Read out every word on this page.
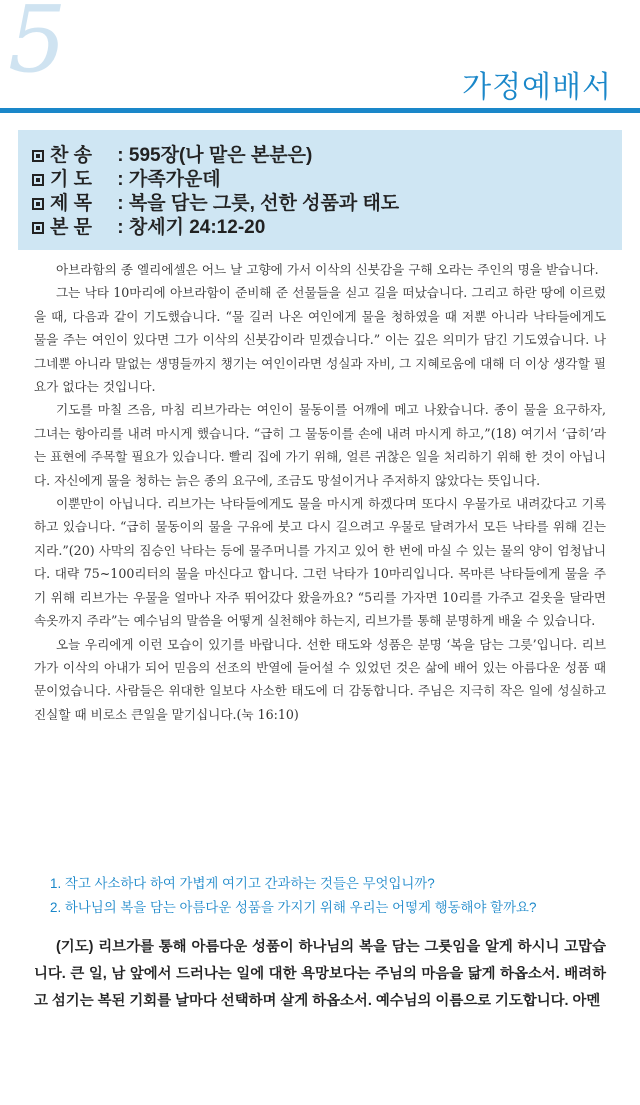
5	가정예배서
찬 송 : 595장(나 맡은 본분은)
기 도 : 가족가운데
제 목 : 복을 담는 그릇, 선한 성품과 태도
본 문 : 창세기 24:12-20

아브라함의 종 엘리에셀은 어느 날 고향에 가서 이삭의 신붓감을 구해 오라는 주인의 명을 받습니다.

그는 낙타 10마리에 아브라함이 준비해 준 선물들을 싣고 길을 떠났습니다. 그리고 하란 땅에 이르렀을 때, 다음과 같이 기도했습니다. “물 길러 나온 여인에게 물을 청하였을 때 저뿐 아니라 낙타들에게도 물을 주는 여인이 있다면 그가 이삭의 신붓감이라 믿겠습니다.” 이는 깊은 의미가 담긴 기도였습니다. 나그네뿐 아니라 말없는 생명들까지 챙기는 여인이라면 성실과 자비, 그 지혜로움에 대해 더 이상 생각할 필요가 없다는 것입니다.

기도를 마칠 즈음, 마침 리브가라는 여인이 물동이를 어깨에 메고 나왔습니다. 종이 물을 요구하자, 그녀는 항아리를 내려 마시게 했습니다. “급히 그 물동이를 손에 내려 마시게 하고,”(18) 여기서 ‘급히’라는 표현에 주목할 필요가 있습니다. 빨리 집에 가기 위해, 얼른 귀찮은 일을 처리하기 위해 한 것이 아닙니다. 자신에게 물을 청하는 늙은 종의 요구에, 조금도 망설이거나 주저하지 않았다는 뜻입니다.

이뿐만이 아닙니다. 리브가는 낙타들에게도 물을 마시게 하겠다며 또다시 우물가로 내려갔다고 기록하고 있습니다. “급히 물동이의 물을 구유에 붓고 다시 길으려고 우물로 달려가서 모든 낙타를 위해 긷는지라.”(20) 사막의 짐승인 낙타는 등에 물주머니를 가지고 있어 한 번에 마실 수 있는 물의 양이 엄청납니다. 대략 75~100리터의 물을 마신다고 합니다. 그런 낙타가 10마리입니다. 목마른 낙타들에게 물을 주기 위해 리브가는 우물을 얼마나 자주 뛰어갔다 왔을까요? “5리를 가자면 10리를 가주고 겉옷을 달라면 속옷까지 주라”는 예수님의 말씀을 어떻게 실천해야 하는지, 리브가를 통해 분명하게 배울 수 있습니다.

오늘 우리에게 이런 모습이 있기를 바랍니다. 선한 태도와 성품은 분명 ‘복을 담는 그릇’입니다. 리브가가 이삭의 아내가 되어 믿음의 선조의 반열에 들어설 수 있었던 것은 삶에 배어 있는 아름다운 성품 때문이었습니다. 사람들은 위대한 일보다 사소한 태도에 더 감동합니다. 주님은 지극히 작은 일에 성실하고 진실할 때 비로소 큰일을 맡기십니다.(눅 16:10)

1. 작고 사소하다 하여 가볍게 여기고 간과하는 것들은 무엇입니까?
2. 하나님의 복을 담는 아름다운 성품을 가지기 위해 우리는 어떻게 행동해야 할까요?

(기도) 리브가를 통해 아름다운 성품이 하나님의 복을 담는 그릇임을 알게 하시니 고맙습니다. 큰 일, 남 앞에서 드러나는 일에 대한 욕망보다는 주님의 마음을 닮게 하옵소서. 배려하고 섬기는 복된 기회를 날마다 선택하며 살게 하옵소서. 예수님의 이름으로 기도합니다. 아멘
